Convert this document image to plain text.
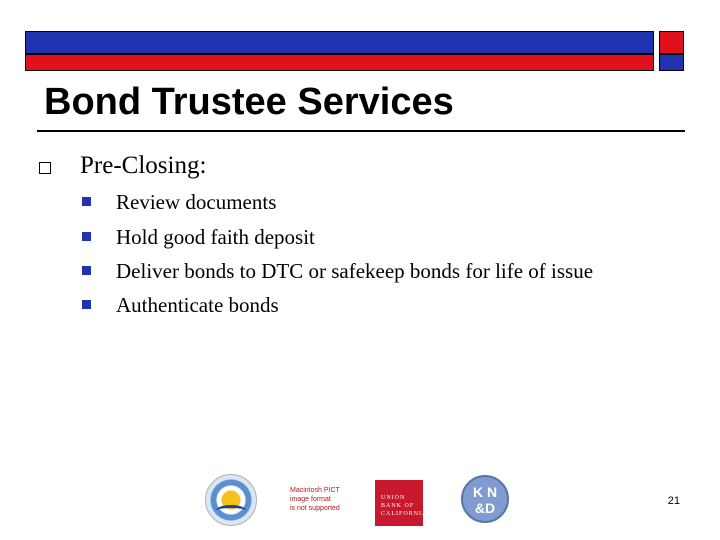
Bond Trustee Services
Pre-Closing:
Review documents
Hold good faith deposit
Deliver bonds to DTC or safekeep bonds for life of issue
Authenticate bonds
Macintosh PICT
image format
is not supported
UNION
BANK OF
CALIFORNIA
K N
&D	21
